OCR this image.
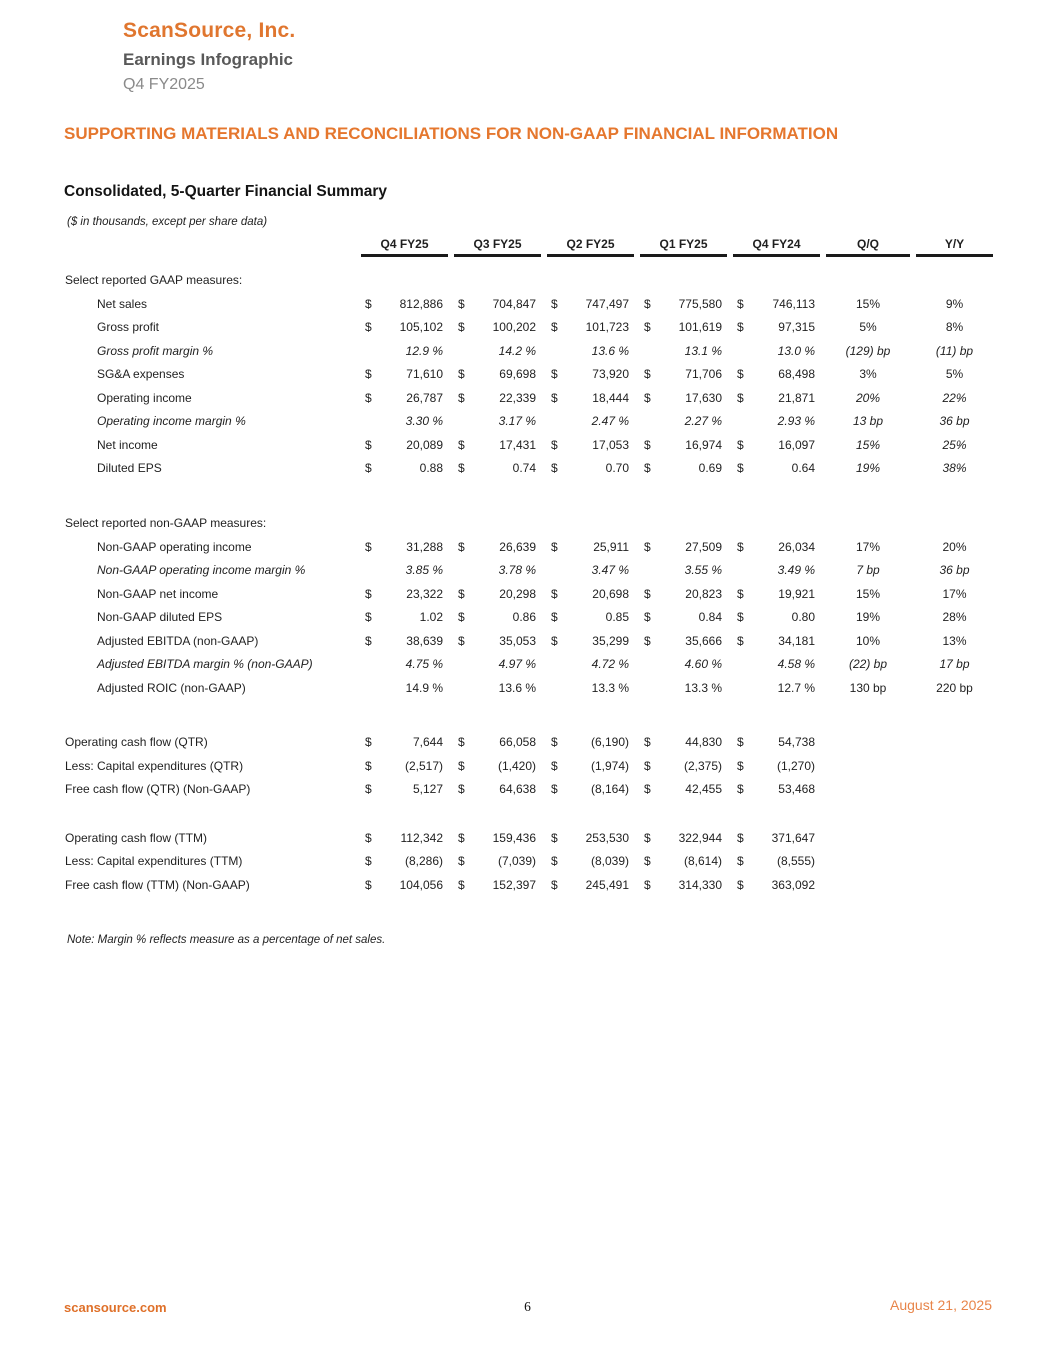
ScanSource, Inc.
Earnings Infographic
Q4 FY2025
SUPPORTING MATERIALS AND RECONCILIATIONS FOR NON-GAAP FINANCIAL INFORMATION
Consolidated, 5-Quarter Financial Summary
($ in thousands, except per share data)
Q4 FY25	Q3 FY25	Q2 FY25	Q1 FY25	Q4 FY24	Q/Q	Y/Y
Select reported GAAP measures:
Net sales	$	812,886 $	704,847 $	747,497 $	775,580 $	746,113	15%	9%
Gross profit	$	105,102 $	100,202 $	101,723 $	101,619 $	97,315	5%	8%
Gross profit margin %	12.9 %	14.2 %	13.6 %	13.1 %	13.0 %	(129) bp	(11) bp
SG&A expenses	$	71,610 $	69,698 $	73,920 $	71,706 $	68,498	3%	5%
Operating income	$	26,787 $	22,339 $	18,444 $	17,630 $	21,871	20%	22%
Operating income margin %	3.30 %	3.17 %	2.47 %	2.27 %	2.93 %	13 bp	36 bp
Net income	$	20,089 $	17,431 $	17,053 $	16,974 $	16,097	15%	25%
Diluted EPS	$	0.88 $	0.74 $	0.70 $	0.69 $	0.64	19%	38%
Select reported non-GAAP measures:
Non-GAAP operating income	$	31,288 $	26,639 $	25,911 $	27,509 $	26,034	17%	20%
Non-GAAP operating income margin %	3.85 %	3.78 %	3.47 %	3.55 %	3.49 %	7 bp	36 bp
Non-GAAP net income	$	23,322 $	20,298 $	20,698 $	20,823 $	19,921	15%	17%
Non-GAAP diluted EPS	$	1.02 $	0.86 $	0.85 $	0.84 $	0.80	19%	28%
Adjusted EBITDA (non-GAAP)	$	38,639 $	35,053 $	35,299 $	35,666 $	34,181	10%	13%
Adjusted EBITDA margin % (non-GAAP)	4.75 %	4.97 %	4.72 %	4.60 %	4.58 %	(22) bp	17 bp
Adjusted ROIC (non-GAAP)	14.9 %	13.6 %	13.3 %	13.3 %	12.7 %	130 bp	220 bp
Operating cash flow (QTR)	$	7,644 $	66,058 $	(6,190) $	44,830 $	54,738
Less: Capital expenditures (QTR)	$	(2,517) $	(1,420) $	(1,974) $	(2,375) $	(1,270)
Free cash flow (QTR) (Non-GAAP)	$	5,127 $	64,638 $	(8,164) $	42,455 $	53,468
Operating cash flow (TTM)	$	112,342 $	159,436 $	253,530 $	322,944 $	371,647
Less: Capital expenditures (TTM)	$	(8,286) $	(7,039) $	(8,039) $	(8,614) $	(8,555)
Free cash flow (TTM) (Non-GAAP)	$	104,056 $	152,397 $	245,491 $	314,330 $	363,092
Note: Margin % reflects measure as a percentage of net sales.
scansource.com	6	August 21, 2025
